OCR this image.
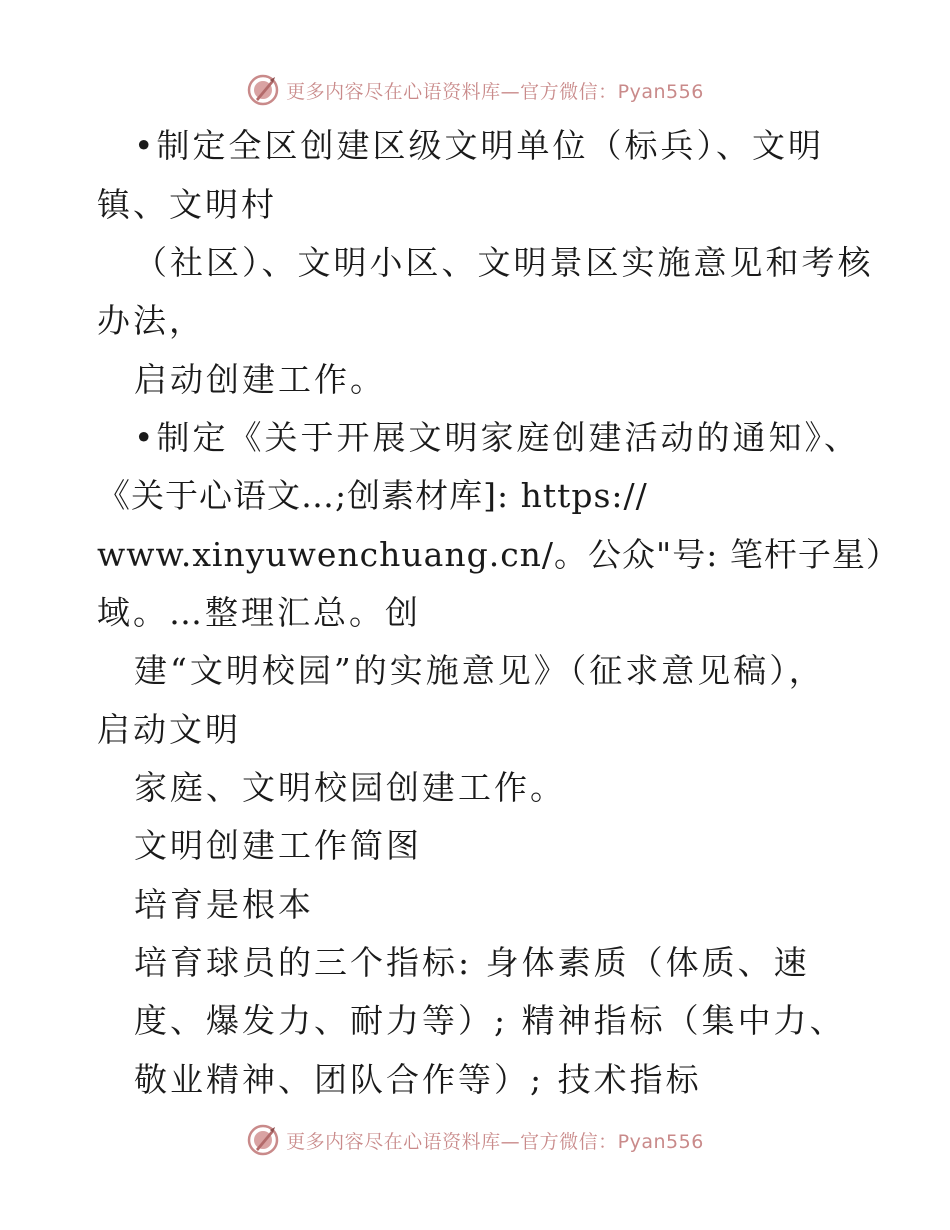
更多内容尽在心语资料库—官方微信：Pyan556
•制定全区创建区级文明单位（标兵）、文明
镇、文明村
（社区）、文明小区、文明景区实施意见和考核
办法，
启动创建工作。
•制定《关于开展文明家庭创建活动的通知》、
《关于心语文…;创素材库]: https://
www.xinyuwenchuang.cn/。公众"号: 笔杆子星）
域。…整理汇总。创
建“文明校园”的实施意见》（征求意见稿），
启动文明
家庭、文明校园创建工作。
文明创建工作简图
培育是根本
培育球员的三个指标: 身体素质（体质、速
度、爆发力、耐力等）; 精神指标（集中力、
敬业精神、团队合作等）; 技术指标
更多内容尽在心语资料库—官方微信：Pyan556
